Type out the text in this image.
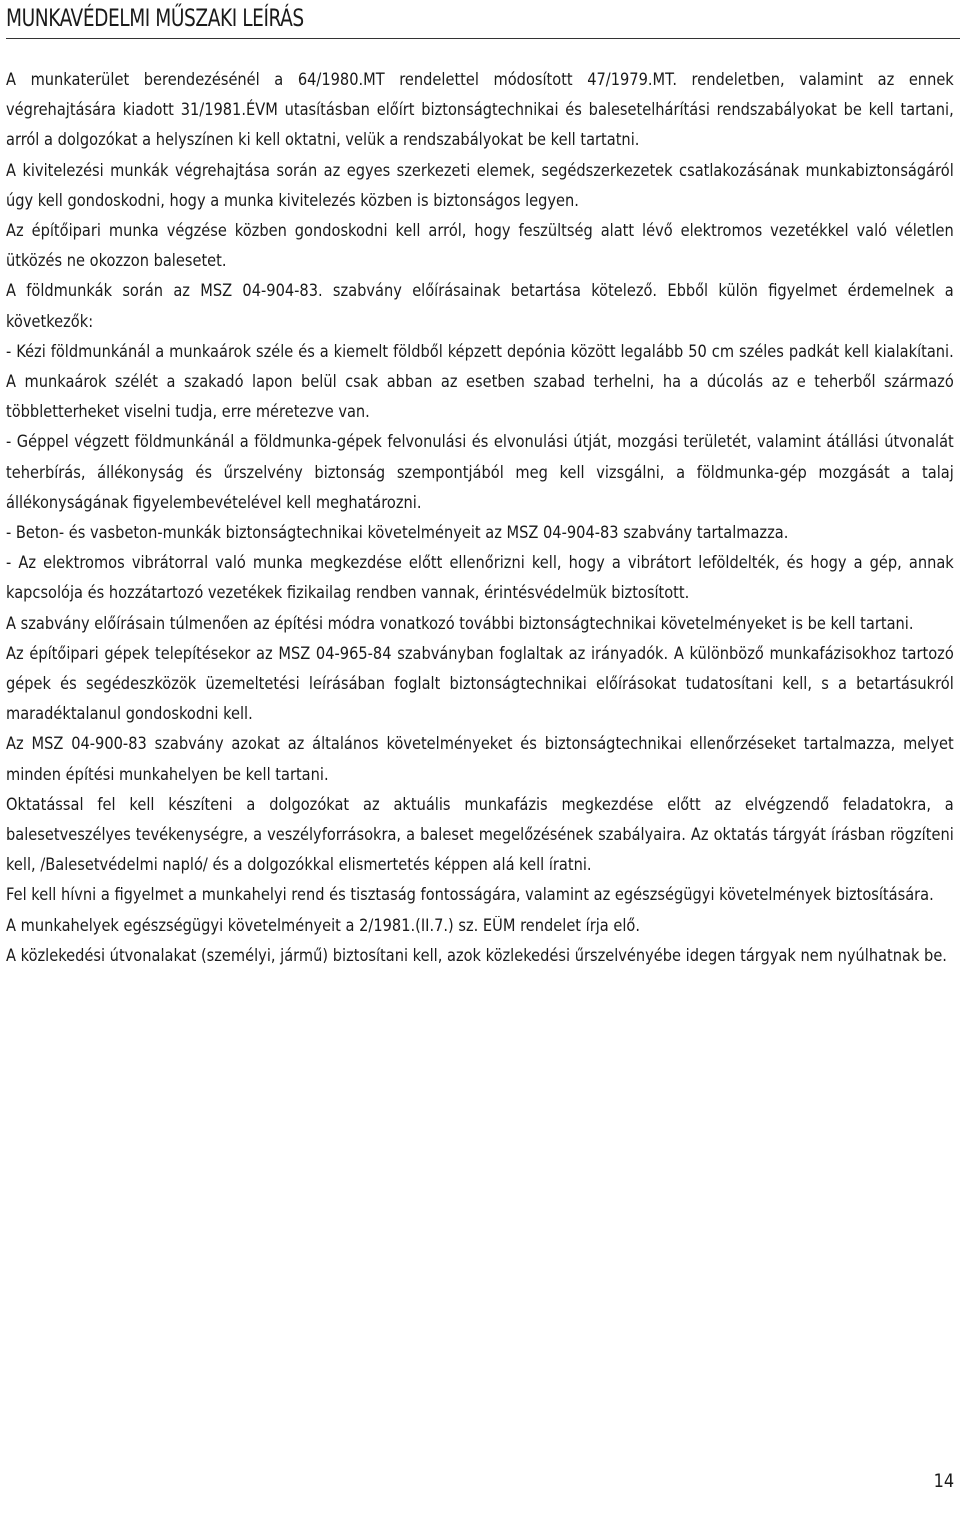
MUNKAVÉDELMI MŰSZAKI LEÍRÁS

A munkaterület berendezésénél a 64/1980.MT rendelettel módosított 47/1979.MT. rendeletben, valamint az ennek végrehajtására kiadott 31/1981.ÉVM utasításban előírt biztonságtechnikai és balesetelhárítási rendszabályokat be kell tartani, arról a dolgozókat a helyszínen ki kell oktatni, velük a rendszabályokat be kell tartatni.

A kivitelezési munkák végrehajtása során az egyes szerkezeti elemek, segédszerkezetek csatlakozásának munkabiztonságáról úgy kell gondoskodni, hogy a munka kivitelezés közben is biztonságos legyen.

Az építőipari munka végzése közben gondoskodni kell arról, hogy feszültség alatt lévő elektromos vezetékkel való véletlen ütközés ne okozzon balesetet.

A földmunkák során az MSZ 04-904-83. szabvány előírásainak betartása kötelező. Ebből külön figyelmet érdemelnek a következők:

- Kézi földmunkánál a munkaárok széle és a kiemelt földből képzett depónia között legalább 50 cm széles padkát kell kialakítani. A munkaárok szélét a szakadó lapon belül csak abban az esetben szabad terhelni, ha a dúcolás az e teherből származó többletterheket viselni tudja, erre méretezve van.

- Géppel végzett földmunkánál a földmunka-gépek felvonulási és elvonulási útját, mozgási területét, valamint átállási útvonalát teherbírás, állékonyság és űrszelvény biztonság szempontjából meg kell vizsgálni, a földmunka-gép mozgását a talaj állékonyságának figyelembevételével kell meghatározni.

- Beton- és vasbeton-munkák biztonságtechnikai követelményeit az MSZ 04-904-83 szabvány tartalmazza.

- Az elektromos vibrátorral való munka megkezdése előtt ellenőrizni kell, hogy a vibrátort leföldelték, és hogy a gép, annak kapcsolója és hozzátartozó vezetékek fizikailag rendben vannak, érintésvédelmük biztosított.

A szabvány előírásain túlmenően az építési módra vonatkozó további biztonságtechnikai követelményeket is be kell tartani.

Az építőipari gépek telepítésekor az MSZ 04-965-84 szabványban foglaltak az irányadók. A különböző munkafázisokhoz tartozó gépek és segédeszközök üzemeltetési leírásában foglalt biztonságtechnikai előírásokat tudatosítani kell, s a betartásukról maradéktalanul gondoskodni kell.

Az MSZ 04-900-83 szabvány azokat az általános követelményeket és biztonságtechnikai ellenőrzéseket tartalmazza, melyet minden építési munkahelyen be kell tartani.

Oktatással fel kell készíteni a dolgozókat az aktuális munkafázis megkezdése előtt az elvégzendő feladatokra, a balesetveszélyes tevékenységre, a veszélyforrásokra, a baleset megelőzésének szabályaira. Az oktatás tárgyát írásban rögzíteni kell, /Balesetvédelmi napló/ és a dolgozókkal elismertetés képpen alá kell íratni.

Fel kell hívni a figyelmet a munkahelyi rend és tisztaság fontosságára, valamint az egészségügyi követelmények biztosítására.

A munkahelyek egészségügyi követelményeit a 2/1981.(II.7.) sz. EÜM rendelet írja elő.

A közlekedési útvonalakat (személyi, jármű) biztosítani kell, azok közlekedési űrszelvényébe idegen tárgyak nem nyúlhatnak be.

14
